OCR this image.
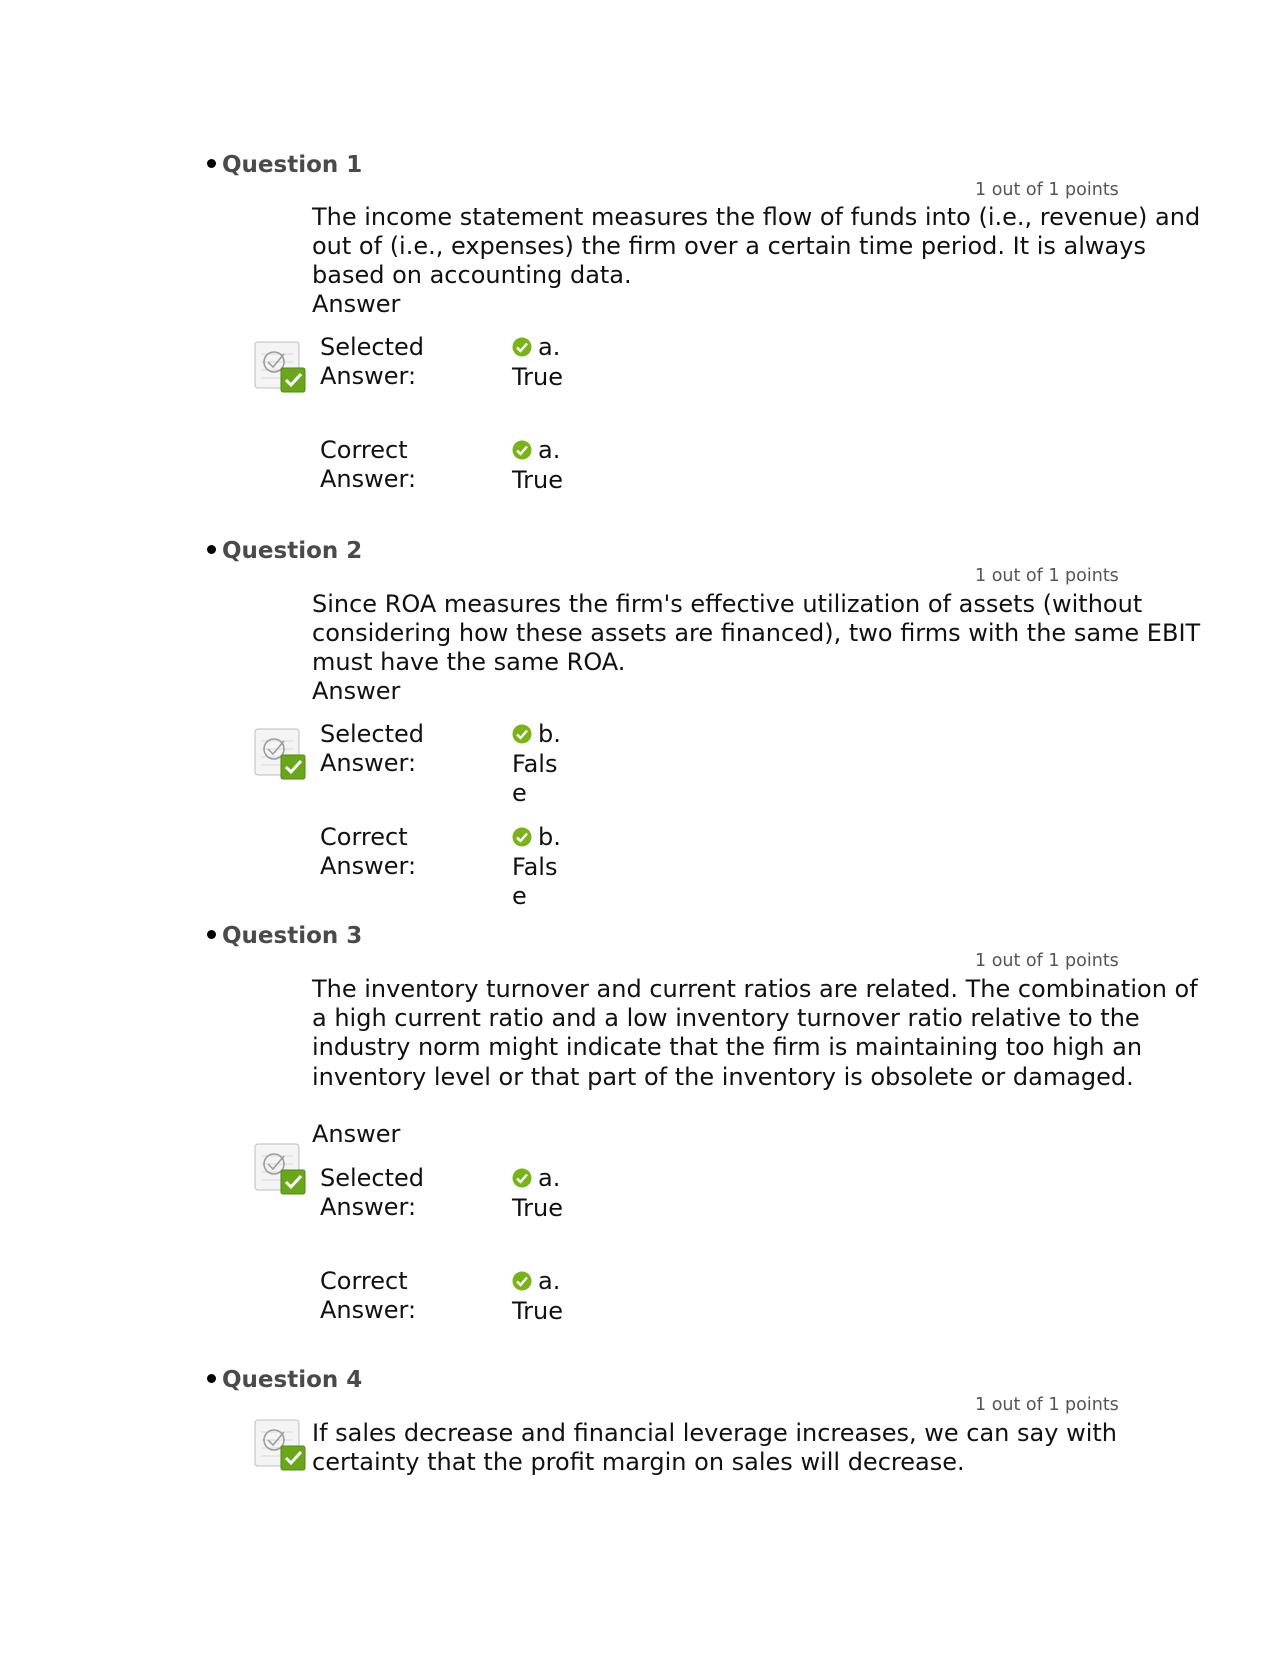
Question 1
1 out of 1 points
The income statement measures the flow of funds into (i.e., revenue) and out of (i.e., expenses) the firm over a certain time period. It is always based on accounting data.
Answer
Selected Answer:
a.
True
Correct Answer:
a.
True
Question 2
1 out of 1 points
Since ROA measures the firm's effective utilization of assets (without considering how these assets are financed), two firms with the same EBIT must have the same ROA.
Answer
Selected Answer:
b.
False
Correct Answer:
b.
False
Question 3
1 out of 1 points
The inventory turnover and current ratios are related. The combination of a high current ratio and a low inventory turnover ratio relative to the industry norm might indicate that the firm is maintaining too high an inventory level or that part of the inventory is obsolete or damaged.
Answer
Selected Answer:
a.
True
Correct Answer:
a.
True
Question 4
1 out of 1 points
If sales decrease and financial leverage increases, we can say with certainty that the profit margin on sales will decrease.
